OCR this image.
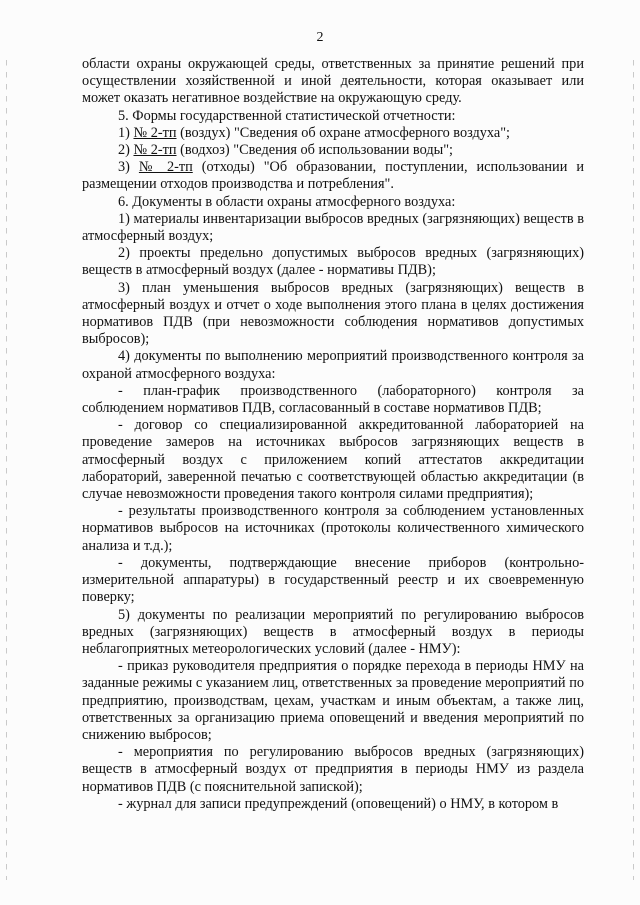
2

области охраны окружающей среды, ответственных за принятие решений при осуществлении хозяйственной и иной деятельности, которая оказывает или может оказать негативное воздействие на окружающую среду.

5. Формы государственной статистической отчетности:

1) № 2-тп (воздух) "Сведения об охране атмосферного воздуха";

2) № 2-тп (водхоз) "Сведения об использовании воды";

3) № 2-тп (отходы) "Об образовании, поступлении, использовании и размещении отходов производства и потребления".

6. Документы в области охраны атмосферного воздуха:

1) материалы инвентаризации выбросов вредных (загрязняющих) веществ в атмосферный воздух;

2) проекты предельно допустимых выбросов вредных (загрязняющих) веществ в атмосферный воздух (далее - нормативы ПДВ);

3) план уменьшения выбросов вредных (загрязняющих) веществ в атмосферный воздух и отчет о ходе выполнения этого плана в целях достижения нормативов ПДВ (при невозможности соблюдения нормативов допустимых выбросов);

4) документы по выполнению мероприятий производственного контроля за охраной атмосферного воздуха:

- план-график производственного (лабораторного) контроля за соблюдением нормативов ПДВ, согласованный в составе нормативов ПДВ;

- договор со специализированной аккредитованной лабораторией на проведение замеров на источниках выбросов загрязняющих веществ в атмосферный воздух с приложением копий аттестатов аккредитации лабораторий, заверенной печатью с соответствующей областью аккредитации (в случае невозможности проведения такого контроля силами предприятия);

- результаты производственного контроля за соблюдением установленных нормативов выбросов на источниках (протоколы количественного химического анализа и т.д.);

- документы, подтверждающие внесение приборов (контрольно-измерительной аппаратуры) в государственный реестр и их своевременную поверку;

5) документы по реализации мероприятий по регулированию выбросов вредных (загрязняющих) веществ в атмосферный воздух в периоды неблагоприятных метеорологических условий (далее - НМУ):

- приказ руководителя предприятия о порядке перехода в периоды НМУ на заданные режимы с указанием лиц, ответственных за проведение мероприятий по предприятию, производствам, цехам, участкам и иным объектам, а также лиц, ответственных за организацию приема оповещений и введения мероприятий по снижению выбросов;

- мероприятия по регулированию выбросов вредных (загрязняющих) веществ в атмосферный воздух от предприятия в периоды НМУ из раздела нормативов ПДВ (с пояснительной запиской);

- журнал для записи предупреждений (оповещений) о НМУ, в котором в
